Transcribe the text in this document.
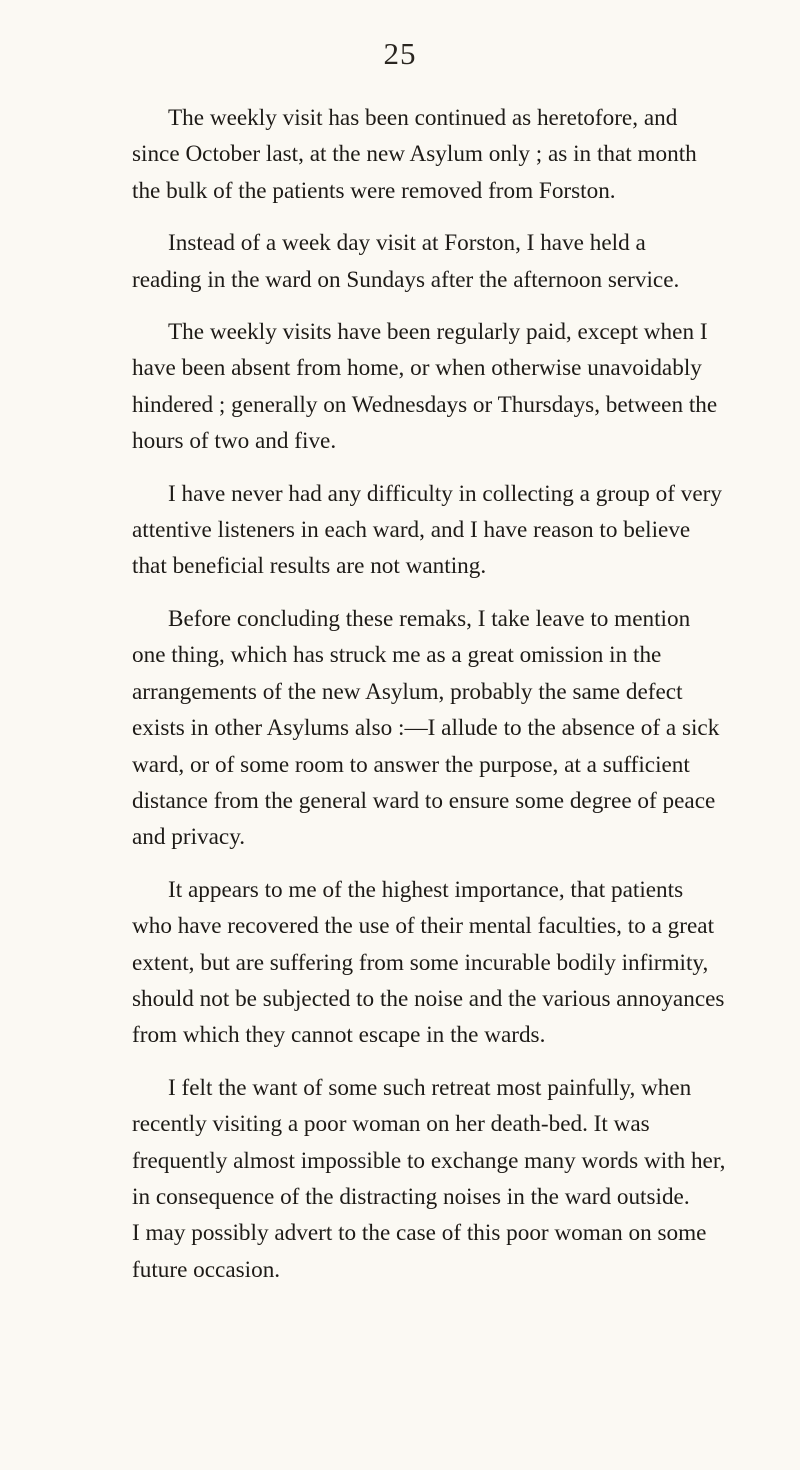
25

The weekly visit has been continued as heretofore, and
since October last, at the new Asylum only ; as in that month
the bulk of the patients were removed from Forston.

Instead of a week day visit at Forston, I have held a
reading in the ward on Sundays after the afternoon service.

The weekly visits have been regularly paid, except when I
have been absent from home, or when otherwise unavoidably
hindered ; generally on Wednesdays or Thursdays, between the
hours of two and five.

I have never had any difficulty in collecting a group of very
attentive listeners in each ward, and I have reason to believe
that beneficial results are not wanting.

Before concluding these remaks, I take leave to mention
one thing, which has struck me as a great omission in the
arrangements of the new Asylum, probably the same defect
exists in other Asylums also :—I allude to the absence of a sick
ward, or of some room to answer the purpose, at a sufficient
distance from the general ward to ensure some degree of peace
and privacy.

It appears to me of the highest importance, that patients
who have recovered the use of their mental faculties, to a great
extent, but are suffering from some incurable bodily infirmity,
should not be subjected to the noise and the various annoyances
from which they cannot escape in the wards.

I felt the want of some such retreat most painfully, when
recently visiting a poor woman on her death-bed. It was
frequently almost impossible to exchange many words with her,
in consequence of the distracting noises in the ward outside.
I may possibly advert to the case of this poor woman on some
future occasion.
